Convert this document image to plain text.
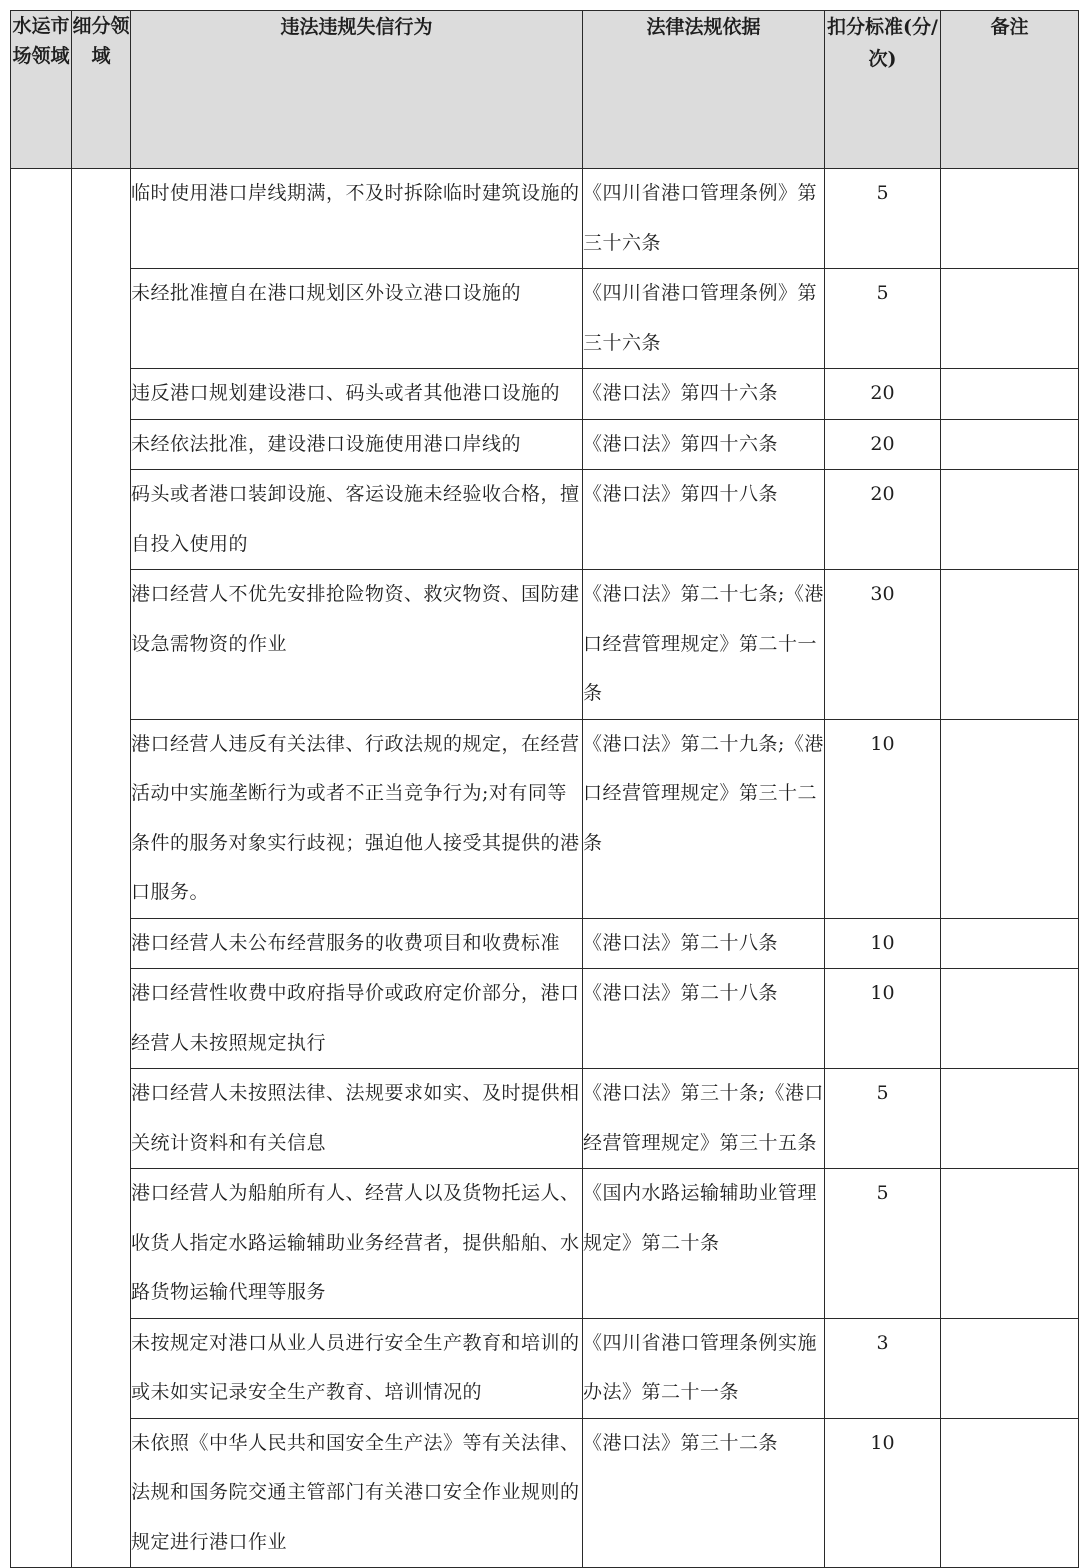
水运市场领域	细分领域	违法违规失信行为	法律法规依据	扣分标准(分/次)	备注
		临时使用港口岸线期满，不及时拆除临时建筑设施的	《四川省港口管理条例》第三十六条	5	
		未经批准擅自在港口规划区外设立港口设施的	《四川省港口管理条例》第三十六条	5	
		违反港口规划建设港口、码头或者其他港口设施的	《港口法》第四十六条	20	
		未经依法批准，建设港口设施使用港口岸线的	《港口法》第四十六条	20	
		码头或者港口装卸设施、客运设施未经验收合格，擅自投入使用的	《港口法》第四十八条	20	
		港口经营人不优先安排抢险物资、救灾物资、国防建设急需物资的作业	《港口法》第二十七条;《港口经营管理规定》第二十一条	30	
		港口经营人违反有关法律、行政法规的规定，在经营活动中实施垄断行为或者不正当竞争行为;对有同等条件的服务对象实行歧视；强迫他人接受其提供的港口服务。	《港口法》第二十九条;《港口经营管理规定》第三十二条	10	
		港口经营人未公布经营服务的收费项目和收费标准	《港口法》第二十八条	10	
		港口经营性收费中政府指导价或政府定价部分，港口经营人未按照规定执行	《港口法》第二十八条	10	
		港口经营人未按照法律、法规要求如实、及时提供相关统计资料和有关信息	《港口法》第三十条;《港口经营管理规定》第三十五条	5	
		港口经营人为船舶所有人、经营人以及货物托运人、收货人指定水路运输辅助业务经营者，提供船舶、水路货物运输代理等服务	《国内水路运输辅助业管理规定》第二十条	5	
		未按规定对港口从业人员进行安全生产教育和培训的或未如实记录安全生产教育、培训情况的	《四川省港口管理条例实施办法》第二十一条	3	
		未依照《中华人民共和国安全生产法》等有关法律、法规和国务院交通主管部门有关港口安全作业规则的规定进行港口作业	《港口法》第三十二条	10	
